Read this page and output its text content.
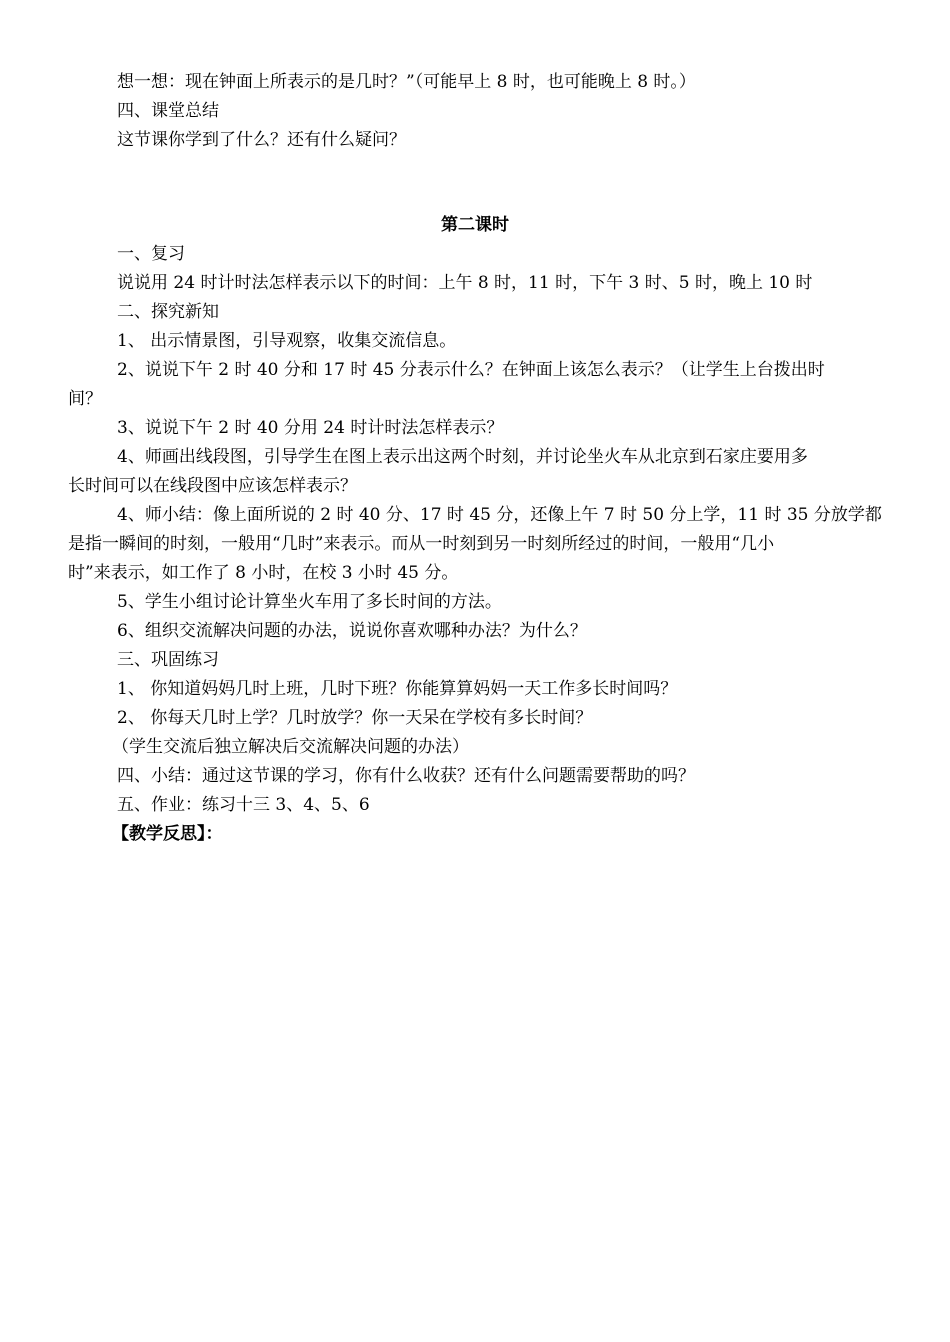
想一想：现在钟面上所表示的是几时？”（可能早上 8 时，也可能晚上 8 时。）
四、课堂总结
这节课你学到了什么？还有什么疑问？
第二课时
一、复习
说说用 24 时计时法怎样表示以下的时间：上午 8 时，11 时，下午 3 时、5 时，晚上 10 时
二、探究新知
1、 出示情景图，引导观察，收集交流信息。
2、说说下午 2 时 40 分和 17 时 45 分表示什么？在钟面上该怎么表示？（让学生上台拨出时
间？
3、说说下午 2 时 40 分用 24 时计时法怎样表示？
4、师画出线段图，引导学生在图上表示出这两个时刻，并讨论坐火车从北京到石家庄要用多
长时间可以在线段图中应该怎样表示？
4、师小结：像上面所说的 2 时 40 分、17 时 45 分，还像上午 7 时 50 分上学，11 时 35 分放学都
是指一瞬间的时刻，一般用“几时”来表示。而从一时刻到另一时刻所经过的时间，一般用“几小
时”来表示，如工作了 8 小时，在校 3 小时 45 分。
5、学生小组讨论计算坐火车用了多长时间的方法。
6、组织交流解决问题的办法，说说你喜欢哪种办法？为什么？
三、巩固练习
1、 你知道妈妈几时上班，几时下班？你能算算妈妈一天工作多长时间吗？
2、 你每天几时上学？几时放学？你一天呆在学校有多长时间？
（学生交流后独立解决后交流解决问题的办法）
四、小结：通过这节课的学习，你有什么收获？还有什么问题需要帮助的吗？
五、作业：练习十三 3、4、5、6
【教学反思】：
